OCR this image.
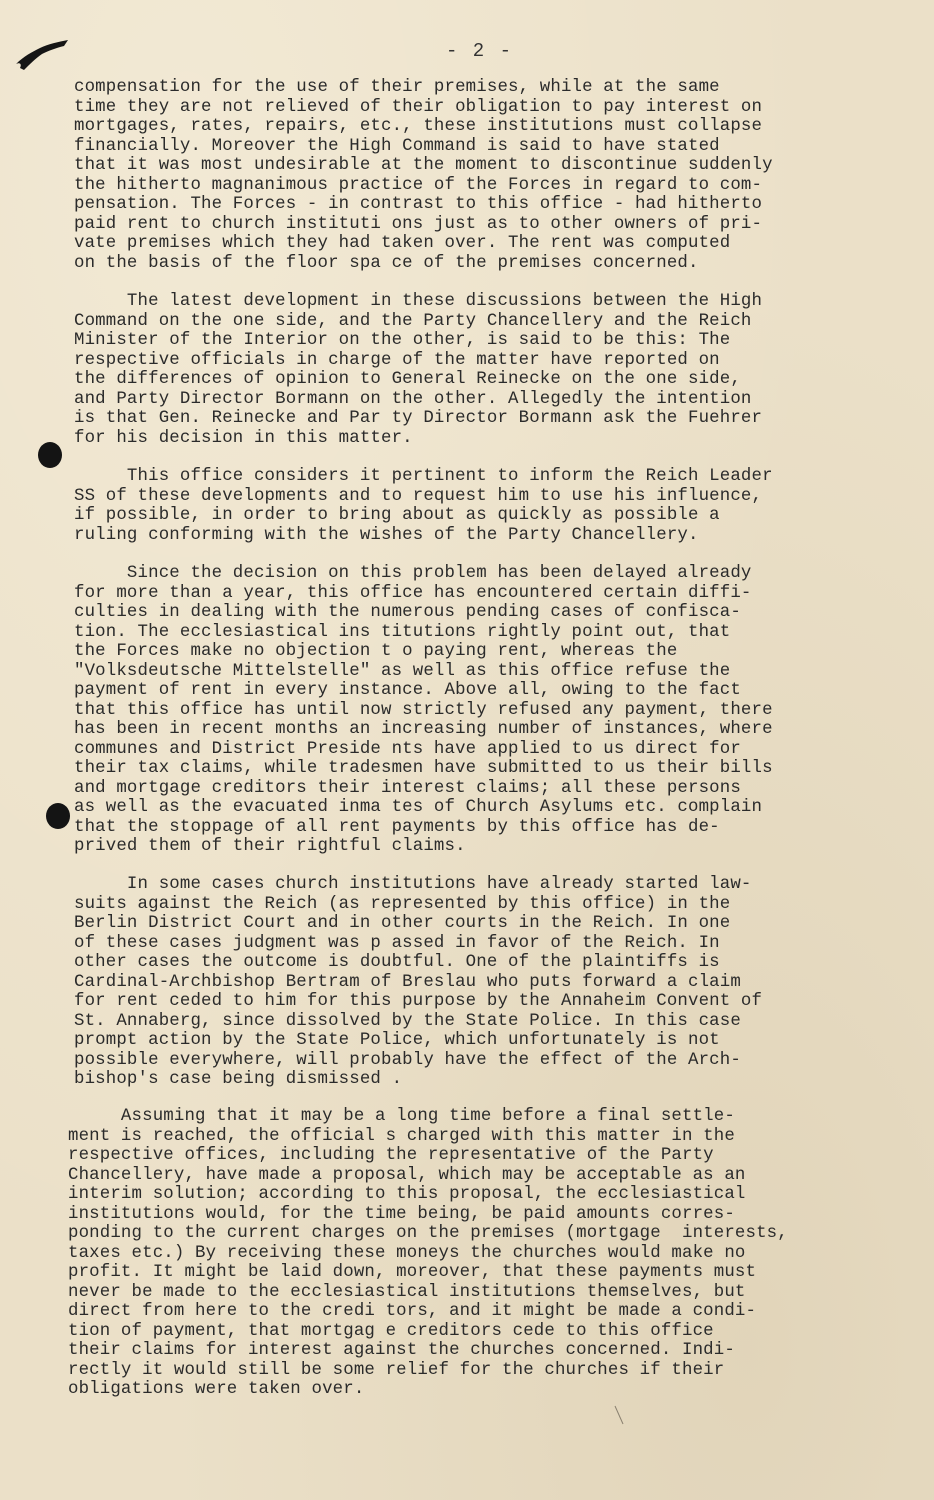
- 2 -
compensation for the use of their premises, while at the same
time they are not relieved of their obligation to pay interest on
mortgages, rates, repairs, etc., these institutions must collapse
financially. Moreover the High Command is said to have stated
that it was most undesirable at the moment to discontinue suddenly
the hitherto magnanimous practice of the Forces in regard to com-
pensation. The Forces - in contrast to this office - had hitherto
paid rent to church instituti ons just as to other owners of pri-
vate premises which they had taken over. The rent was computed
on the basis of the floor spa ce of the premises concerned.
The latest development in these discussions between the High
Command on the one side, and the Party Chancellery and the Reich
Minister of the Interior on the other, is said to be this: The
respective officials in charge of the matter have reported on
the differences of opinion to General Reinecke on the one side,
and Party Director Bormann on the other. Allegedly the intention
is that Gen. Reinecke and Par ty Director Bormann ask the Fuehrer
for his decision in this matter.
This office considers it pertinent to inform the Reich Leader
SS of these developments and to request him to use his influence,
if possible, in order to bring about as quickly as possible a
ruling conforming with the wishes of the Party Chancellery.
Since the decision on this problem has been delayed already
for more than a year, this office has encountered certain diffi-
culties in dealing with the numerous pending cases of confisca-
tion. The ecclesiastical ins titutions rightly point out, that
the Forces make no objection t o paying rent, whereas the
"Volksdeutsche Mittelstelle" as well as this office refuse the
payment of rent in every instance. Above all, owing to the fact
that this office has until now strictly refused any payment, there
has been in recent months an increasing number of instances, where
communes and District Preside nts have applied to us direct for
their tax claims, while tradesmen have submitted to us their bills
and mortgage creditors their interest claims; all these persons
as well as the evacuated inma tes of Church Asylums etc. complain
that the stoppage of all rent payments by this office has de-
prived them of their rightful claims.
In some cases church institutions have already started law-
suits against the Reich (as represented by this office) in the
Berlin District Court and in other courts in the Reich. In one
of these cases judgment was p assed in favor of the Reich. In
other cases the outcome is doubtful. One of the plaintiffs is
Cardinal-Archbishop Bertram of Breslau who puts forward a claim
for rent ceded to him for this purpose by the Annaheim Convent of
St. Annaberg, since dissolved by the State Police. In this case
prompt action by the State Police, which unfortunately is not
possible everywhere, will probably have the effect of the Arch-
bishop's case being dismissed .
Assuming that it may be a long time before a final settle-
ment is reached, the official s charged with this matter in the
respective offices, including the representative of the Party
Chancellery, have made a proposal, which may be acceptable as an
interim solution; according to this proposal, the ecclesiastical
institutions would, for the time being, be paid amounts corres-
ponding to the current charges on the premises (mortgage  interests,
taxes etc.) By receiving these moneys the churches would make no
profit. It might be laid down, moreover, that these payments must
never be made to the ecclesiastical institutions themselves, but
direct from here to the credi tors, and it might be made a condi-
tion of payment, that mortgag e creditors cede to this office
their claims for interest against the churches concerned. Indi-
rectly it would still be some relief for the churches if their
obligations were taken over.
